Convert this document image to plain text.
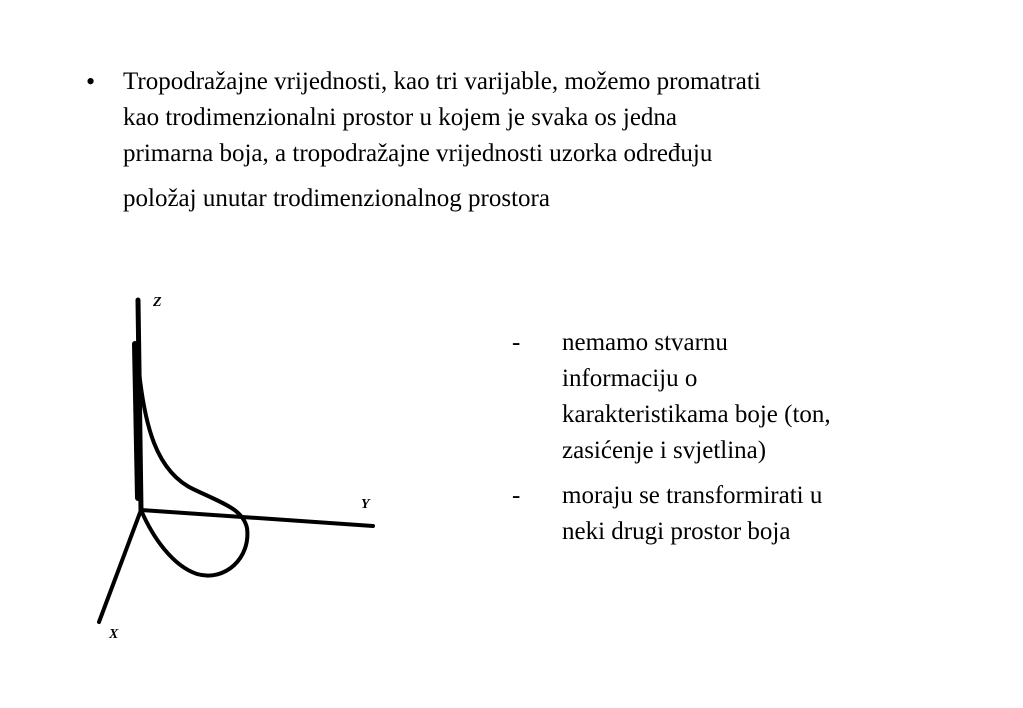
• Tropodražajne vrijednosti, kao tri varijable, možemo promatrati
kao trodimenzionalni prostor u kojem je svaka os jedna
primarna boja, a tropodražajne vrijednosti uzorka određuju
položaj unutar trodimenzionalnog prostora
Z
Y
X
- nemamo stvarnu
informaciju o
karakteristikama boje (ton,
zasićenje i svjetlina)
- moraju se transformirati u
neki drugi prostor boja
